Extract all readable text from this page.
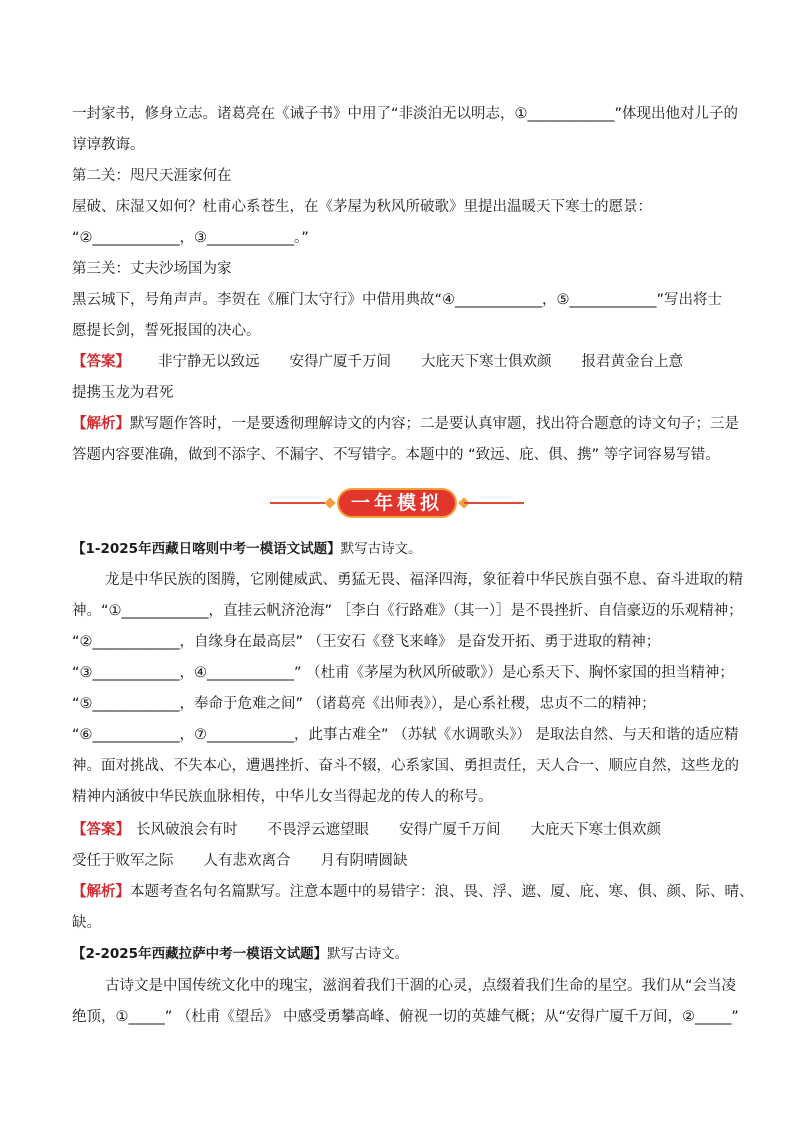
一封家书，修身立志。诸葛亮在《诫子书》中用了“非淡泊无以明志，①____________”体现出他对儿子的
谆谆教诲。
第二关：咫尺天涯家何在
屋破、床湿又如何？杜甫心系苍生，在《茅屋为秋风所破歌》里提出温暖天下寒士的愿景：
“②____________，③____________。”
第三关：丈夫沙场国为家
黑云城下，号角声声。李贺在《雁门太守行》中借用典故“④____________，⑤____________”写出将士
愿提长剑，誓死报国的决心。
【答案】 非宁静无以致远 安得广厦千万间 大庇天下寒士俱欢颜 报君黄金台上意
提携玉龙为君死
【解析】默写题作答时，一是要透彻理解诗文的内容；二是要认真审题，找出符合题意的诗文句子；三是
答题内容要准确，做到不添字、不漏字、不写错字。本题中的 “致远、庇、俱、携” 等字词容易写错。
一年模拟
【1-2025年西藏日喀则中考一模语文试题】默写古诗文。
龙是中华民族的图腾，它刚健威武、勇猛无畏、福泽四海，象征着中华民族自强不息、奋斗进取的精
神。“①____________，直挂云帆济沧海” ［李白《行路难》（其一）］是不畏挫折、自信豪迈的乐观精神；
“②____________，自缘身在最高层” （王安石《登飞来峰》 是奋发开拓、勇于进取的精神；
“③____________，④____________” （杜甫《茅屋为秋风所破歌》）是心系天下、胸怀家国的担当精神；
“⑤____________，奉命于危难之间” （诸葛亮《出师表》），是心系社稷，忠贞不二的精神；
“⑥____________，⑦____________，此事古难全” （苏轼《水调歌头》） 是取法自然、与天和谐的适应精
神。面对挑战、不失本心，遭遇挫折、奋斗不辍，心系家国、勇担责任，天人合一、顺应自然，这些龙的
精神内涵彼中华民族血脉相传，中华儿女当得起龙的传人的称号。
【答案】 长风破浪会有时 不畏浮云遮望眼 安得广厦千万间 大庇天下寒士俱欢颜
受任于败军之际 人有悲欢离合 月有阴晴圆缺
【解析】本题考查名句名篇默写。注意本题中的易错字：浪、畏、浮、遮、厦、庇、寒、俱、颜、际、晴、
缺。
【2-2025年西藏拉萨中考一模语文试题】默写古诗文。
古诗文是中国传统文化中的瑰宝，滋润着我们干涸的心灵，点缀着我们生命的星空。我们从“会当凌
绝顶，①_____” （杜甫《望岳》 中感受勇攀高峰、俯视一切的英雄气概；从“安得广厦千万间，②_____”
